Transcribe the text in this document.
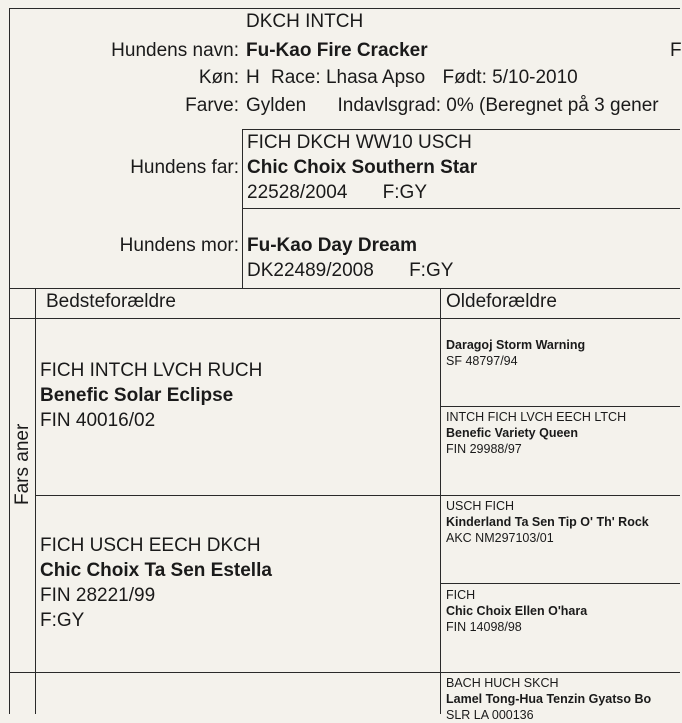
DKCH INTCH
Hundens navn: Fu-Kao Fire Cracker	F
Køn: H Race: Lhasa Apso Født: 5/10-2010
Farve: Gylden Indavlsgrad: 0% (Beregnet på 3 gener
Hundens far:
FICH DKCH WW10 USCH
Chic Choix Southern Star
22528/2004 F:GY
Hundens mor: Fu-Kao Day Dream
DK22489/2008 F:GY
Bedsteforældre	Oldeforældre
Fars aner
FICH INTCH LVCH RUCH
Benefic Solar Eclipse
FIN 40016/02
FICH USCH EECH DKCH
Chic Choix Ta Sen Estella
FIN 28221/99
F:GY
Daragoj Storm Warning
SF 48797/94
INTCH FICH LVCH EECH LTCH
Benefic Variety Queen
FIN 29988/97
USCH FICH
Kinderland Ta Sen Tip O' Th' Rock
AKC NM297103/01
FICH
Chic Choix Ellen O'hara
FIN 14098/98
BACH HUCH SKCH
Lamel Tong-Hua Tenzin Gyatso Bo
SLR LA 000136
